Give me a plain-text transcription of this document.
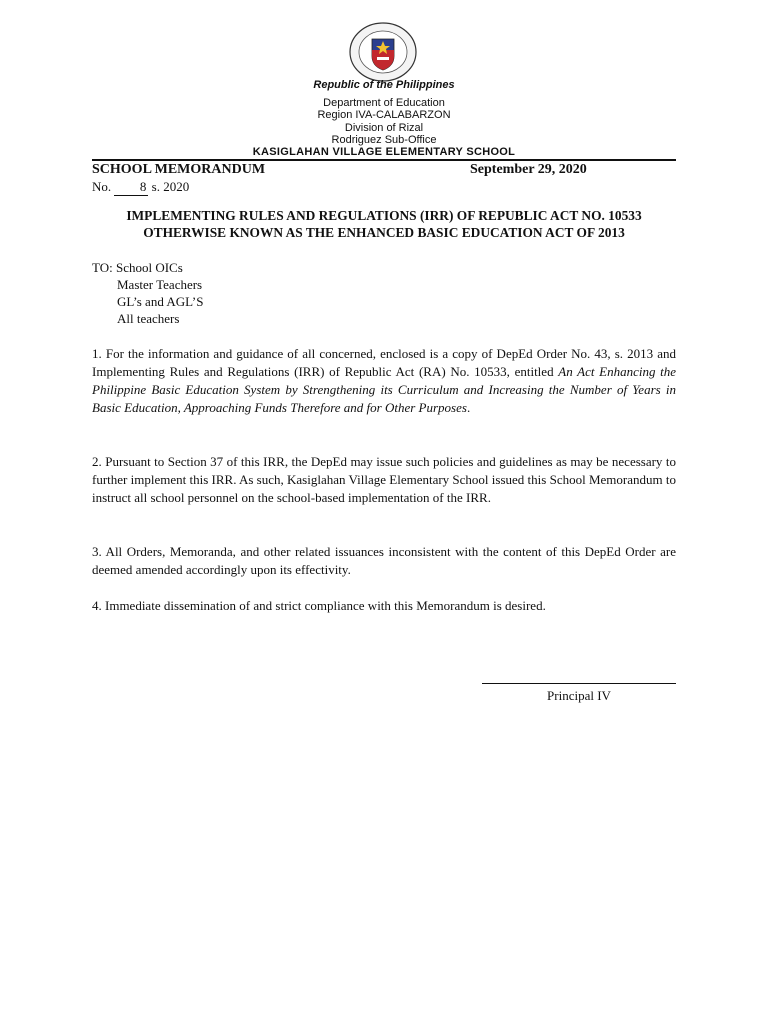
Republic of the Philippines
Department of Education
Region IVA-CALABARZON
Division of Rizal
Rodriguez Sub-Office
KASIGLAHAN VILLAGE ELEMENTARY SCHOOL
SCHOOL MEMORANDUM	September 29, 2020
No. 8 s. 2020
IMPLEMENTING RULES AND REGULATIONS (IRR) OF REPUBLIC ACT NO. 10533
OTHERWISE KNOWN AS THE ENHANCED BASIC EDUCATION ACT OF 2013
TO: School OICs
Master Teachers
GL’s and AGL’S
All teachers

1. For the information and guidance of all concerned, enclosed is a copy of DepEd Order No. 43, s. 2013 and Implementing Rules and Regulations (IRR) of Republic Act (RA) No. 10533, entitled An Act Enhancing the Philippine Basic Education System by Strengthening its Curriculum and Increasing the Number of Years in Basic Education, Approaching Funds Therefore and for Other Purposes.

2. Pursuant to Section 37 of this IRR, the DepEd may issue such policies and guidelines as may be necessary to further implement this IRR. As such, Kasiglahan Village Elementary School issued this School Memorandum to instruct all school personnel on the school-based implementation of the IRR.

3. All Orders, Memoranda, and other related issuances inconsistent with the content of this DepEd Order are deemed amended accordingly upon its effectivity.

4. Immediate dissemination of and strict compliance with this Memorandum is desired.

Principal IV
